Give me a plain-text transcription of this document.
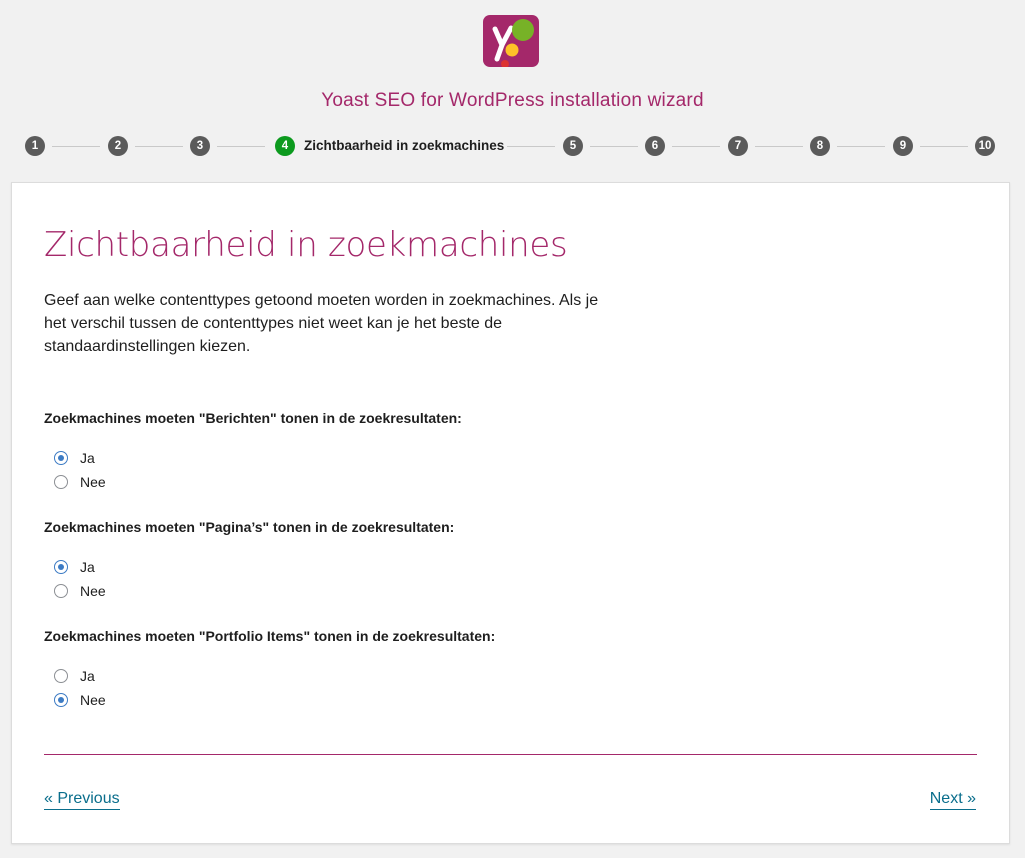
Yoast SEO for WordPress installation wizard
1	2	3	4	Zichtbaarheid in zoekmachines	5	6	7	8	9	10
Zichtbaarheid in zoekmachines

Geef aan welke contenttypes getoond moeten worden in zoekmachines. Als je het verschil tussen de contenttypes niet weet kan je het beste de standaardinstellingen kiezen.

Zoekmachines moeten "Berichten" tonen in de zoekresultaten:
Ja
Nee
Zoekmachines moeten "Pagina’s" tonen in de zoekresultaten:
Ja
Nee
Zoekmachines moeten "Portfolio Items" tonen in de zoekresultaten:
Ja
Nee
« Previous	Next »
